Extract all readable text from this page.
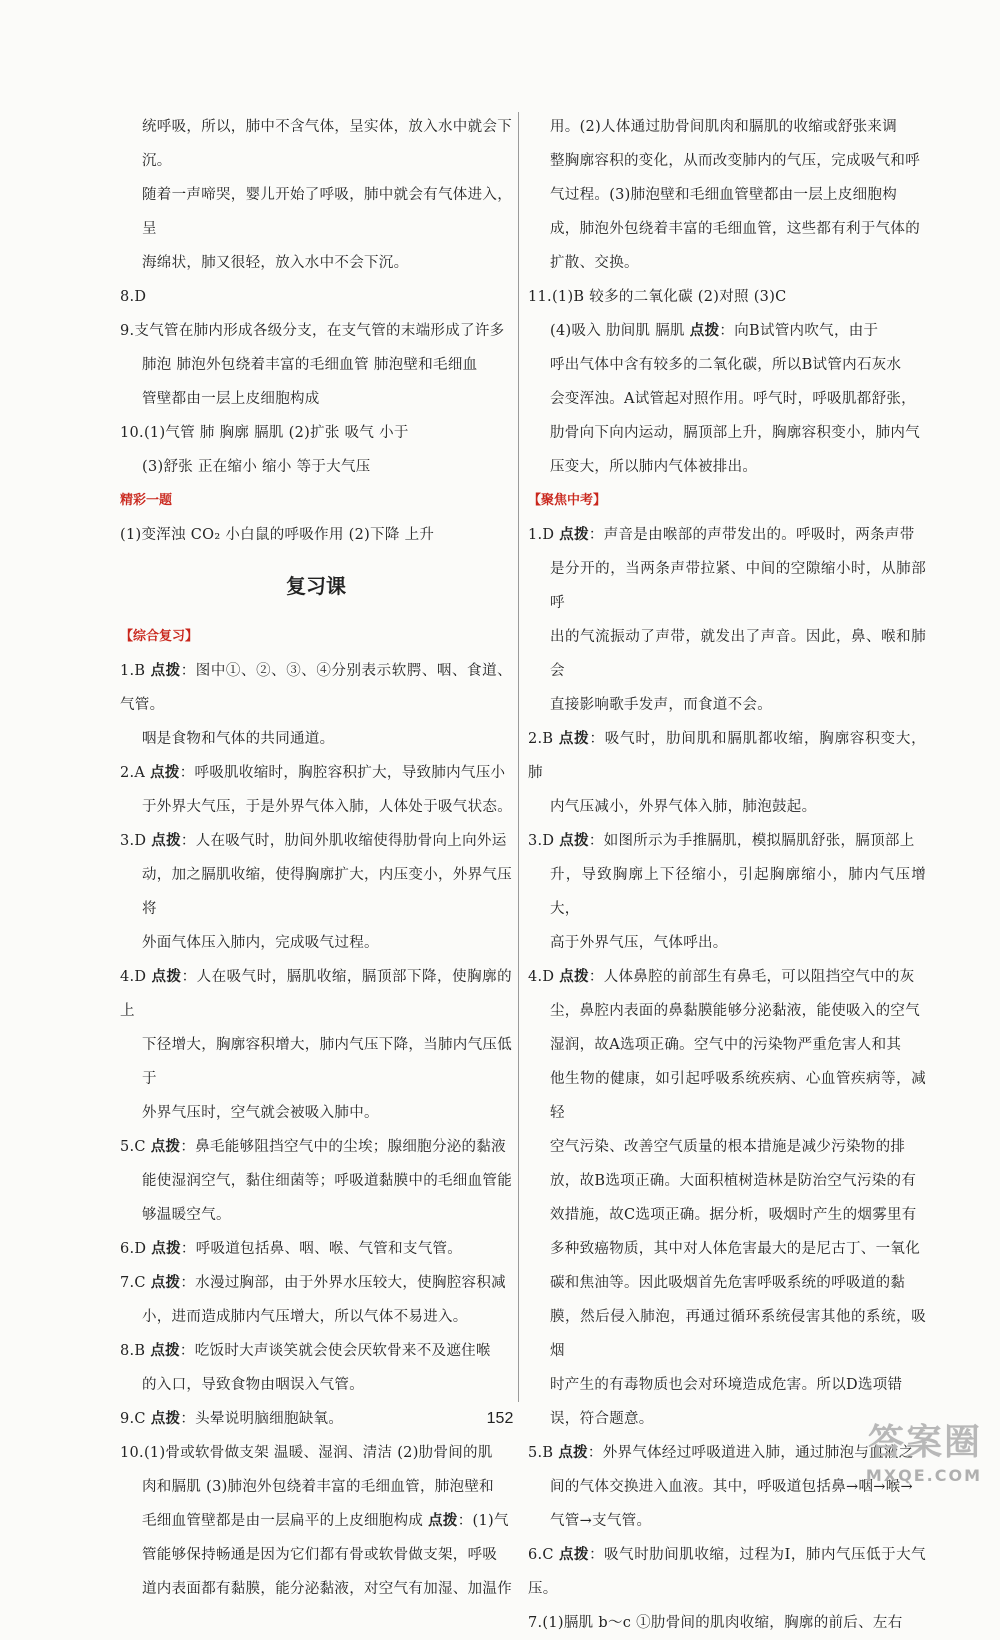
统呼吸，所以，肺中不含气体，呈实体，放入水中就会下沉。

随着一声啼哭，婴儿开始了呼吸，肺中就会有气体进入，呈

海绵状，肺又很轻，放入水中不会下沉。

8.D

9.支气管在肺内形成各级分支，在支气管的末端形成了许多

肺泡 肺泡外包绕着丰富的毛细血管 肺泡壁和毛细血

管壁都由一层上皮细胞构成

10.(1)气管 肺 胸廓 膈肌 (2)扩张 吸气 小于

(3)舒张 正在缩小 缩小 等于大气压

精彩一题

(1)变浑浊 CO₂ 小白鼠的呼吸作用 (2)下降 上升

复习课

【综合复习】

1.B 点拨：图中①、②、③、④分别表示软腭、咽、食道、气管。

咽是食物和气体的共同通道。

2.A 点拨：呼吸肌收缩时，胸腔容积扩大，导致肺内气压小

于外界大气压，于是外界气体入肺，人体处于吸气状态。

3.D 点拨：人在吸气时，肋间外肌收缩使得肋骨向上向外运

动，加之膈肌收缩，使得胸廓扩大，内压变小，外界气压将

外面气体压入肺内，完成吸气过程。

4.D 点拨：人在吸气时，膈肌收缩，膈顶部下降，使胸廓的上

下径增大，胸廓容积增大，肺内气压下降，当肺内气压低于

外界气压时，空气就会被吸入肺中。

5.C 点拨：鼻毛能够阻挡空气中的尘埃；腺细胞分泌的黏液

能使湿润空气，黏住细菌等；呼吸道黏膜中的毛细血管能

够温暖空气。

6.D 点拨：呼吸道包括鼻、咽、喉、气管和支气管。

7.C 点拨：水漫过胸部，由于外界水压较大，使胸腔容积减

小，进而造成肺内气压增大，所以气体不易进入。

8.B 点拨：吃饭时大声谈笑就会使会厌软骨来不及遮住喉

的入口，导致食物由咽误入气管。

9.C 点拨：头晕说明脑细胞缺氧。

10.(1)骨或软骨做支架 温暖、湿润、清洁 (2)肋骨间的肌

肉和膈肌 (3)肺泡外包绕着丰富的毛细血管，肺泡壁和

毛细血管壁都是由一层扁平的上皮细胞构成 点拨：(1)气

管能够保持畅通是因为它们都有骨或软骨做支架，呼吸

道内表面都有黏膜，能分泌黏液，对空气有加湿、加温作

用。(2)人体通过肋骨间肌肉和膈肌的收缩或舒张来调

整胸廓容积的变化，从而改变肺内的气压，完成吸气和呼

气过程。(3)肺泡壁和毛细血管壁都由一层上皮细胞构

成，肺泡外包绕着丰富的毛细血管，这些都有利于气体的

扩散、交换。

11.(1)B 较多的二氧化碳 (2)对照 (3)C

(4)吸入 肋间肌 膈肌 点拨：向B试管内吹气，由于

呼出气体中含有较多的二氧化碳，所以B试管内石灰水

会变浑浊。A试管起对照作用。呼气时，呼吸肌都舒张，

肋骨向下向内运动，膈顶部上升，胸廓容积变小，肺内气

压变大，所以肺内气体被排出。

【聚焦中考】

1.D 点拨：声音是由喉部的声带发出的。呼吸时，两条声带

是分开的，当两条声带拉紧、中间的空隙缩小时，从肺部呼

出的气流振动了声带，就发出了声音。因此，鼻、喉和肺会

直接影响歌手发声，而食道不会。

2.B 点拨：吸气时，肋间肌和膈肌都收缩，胸廓容积变大，肺

内气压减小，外界气体入肺，肺泡鼓起。

3.D 点拨：如图所示为手推膈肌，模拟膈肌舒张，膈顶部上

升，导致胸廓上下径缩小，引起胸廓缩小，肺内气压增大，

高于外界气压，气体呼出。

4.D 点拨：人体鼻腔的前部生有鼻毛，可以阻挡空气中的灰

尘，鼻腔内表面的鼻黏膜能够分泌黏液，能使吸入的空气

湿润，故A选项正确。空气中的污染物严重危害人和其

他生物的健康，如引起呼吸系统疾病、心血管疾病等，减轻

空气污染、改善空气质量的根本措施是减少污染物的排

放，故B选项正确。大面积植树造林是防治空气污染的有

效措施，故C选项正确。据分析，吸烟时产生的烟雾里有

多种致癌物质，其中对人体危害最大的是尼古丁、一氧化

碳和焦油等。因此吸烟首先危害呼吸系统的呼吸道的黏

膜，然后侵入肺泡，再通过循环系统侵害其他的系统，吸烟

时产生的有毒物质也会对环境造成危害。所以D选项错

误，符合题意。

5.B 点拨：外界气体经过呼吸道进入肺，通过肺泡与血液之

间的气体交换进入血液。其中，呼吸道包括鼻→咽→喉→

气管→支气管。

6.C 点拨：吸气时肋间肌收缩，过程为Ⅰ，肺内气压低于大气压。

7.(1)膈肌 b～c ①肋骨间的肌肉收缩，胸廓的前后、左右

152
答案圈
MXQE.COM
